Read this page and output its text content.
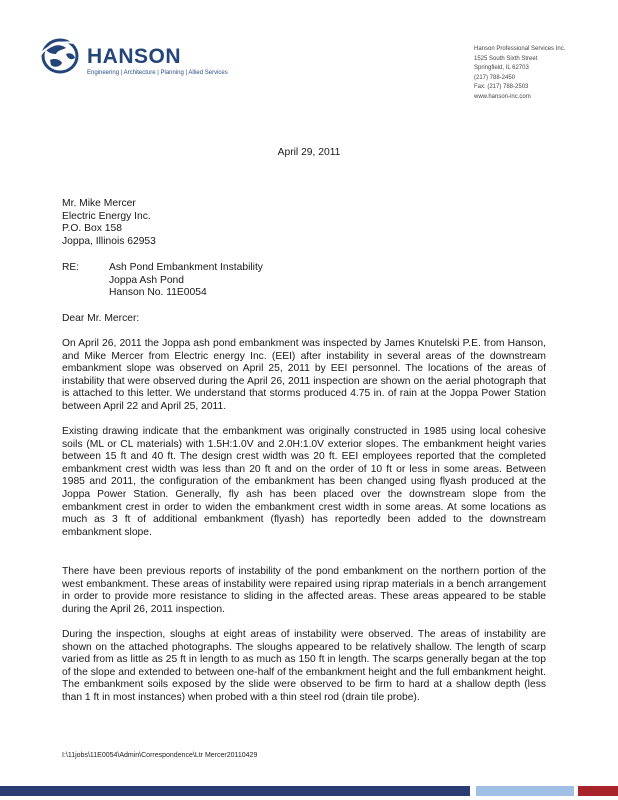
HANSON
Engineering | Architecture | Planning | Allied Services
Hanson Professional Services Inc.
1525 South Sixth Street
Springfield, IL 62703
(217) 788-2450
Fax: (217) 788-2503
www.hanson-inc.com
April 29, 2011
Mr. Mike Mercer
Electric Energy Inc.
P.O. Box 158
Joppa, Illinois 62953
RE:	Ash Pond Embankment Instability
Joppa Ash Pond
Hanson No. 11E0054
Dear Mr. Mercer:

On April 26, 2011 the Joppa ash pond embankment was inspected by James Knutelski P.E. from Hanson, and Mike Mercer from Electric energy Inc. (EEI) after instability in several areas of the downstream embankment slope was observed on April 25, 2011 by EEI personnel. The locations of the areas of instability that were observed during the April 26, 2011 inspection are shown on the aerial photograph that is attached to this letter. We understand that storms produced 4.75 in. of rain at the Joppa Power Station between April 22 and April 25, 2011.

Existing drawing indicate that the embankment was originally constructed in 1985 using local cohesive soils (ML or CL materials) with 1.5H:1.0V and 2.0H:1.0V exterior slopes. The embankment height varies between 15 ft and 40 ft. The design crest width was 20 ft. EEI employees reported that the completed embankment crest width was less than 20 ft and on the order of 10 ft or less in some areas. Between 1985 and 2011, the configuration of the embankment has been changed using flyash produced at the Joppa Power Station. Generally, fly ash has been placed over the downstream slope from the embankment crest in order to widen the embankment crest width in some areas. At some locations as much as 3 ft of additional embankment (flyash) has reportedly been added to the downstream embankment slope.

There have been previous reports of instability of the pond embankment on the northern portion of the west embankment. These areas of instability were repaired using riprap materials in a bench arrangement in order to provide more resistance to sliding in the affected areas. These areas appeared to be stable during the April 26, 2011 inspection.

During the inspection, sloughs at eight areas of instability were observed. The areas of instability are shown on the attached photographs. The sloughs appeared to be relatively shallow. The length of scarp varied from as little as 25 ft in length to as much as 150 ft in length. The scarps generally began at the top of the slope and extended to between one-half of the embankment height and the full embankment height. The embankment soils exposed by the slide were observed to be firm to hard at a shallow depth (less than 1 ft in most instances) when probed with a thin steel rod (drain tile probe).

I:\11jobs\11E0054\Admin\Correspondence\Ltr Mercer20110429
